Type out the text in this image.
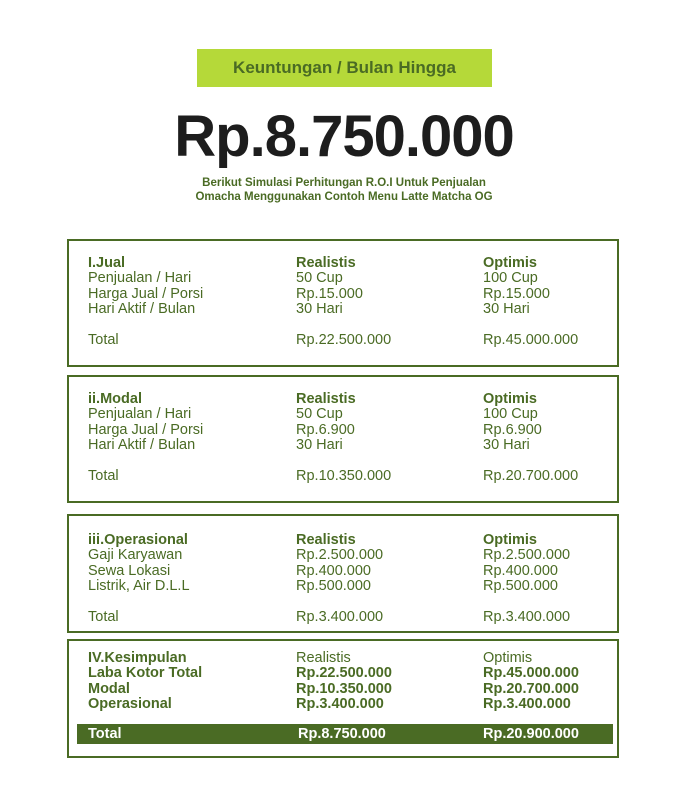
Keuntungan / Bulan Hingga
Rp.8.750.000
Berikut Simulasi Perhitungan R.O.I Untuk Penjualan
Omacha Menggunakan Contoh Menu Latte Matcha OG
I.Jual	Realistis	Optimis
Penjualan / Hari	50 Cup	100 Cup
Harga Jual / Porsi	Rp.15.000	Rp.15.000
Hari Aktif / Bulan	30 Hari	30 Hari
Total	Rp.22.500.000	Rp.45.000.000
ii.Modal	Realistis	Optimis
Penjualan / Hari	50 Cup	100 Cup
Harga Jual / Porsi	Rp.6.900	Rp.6.900
Hari Aktif / Bulan	30 Hari	30 Hari
Total	Rp.10.350.000	Rp.20.700.000
iii.Operasional	Realistis	Optimis
Gaji Karyawan	Rp.2.500.000	Rp.2.500.000
Sewa Lokasi	Rp.400.000	Rp.400.000
Listrik, Air D.L.L	Rp.500.000	Rp.500.000
Total	Rp.3.400.000	Rp.3.400.000
IV.Kesimpulan	Realistis	Optimis
Laba Kotor Total	Rp.22.500.000	Rp.45.000.000
Modal	Rp.10.350.000	Rp.20.700.000
Operasional	Rp.3.400.000	Rp.3.400.000
Total	Rp.8.750.000	Rp.20.900.000
